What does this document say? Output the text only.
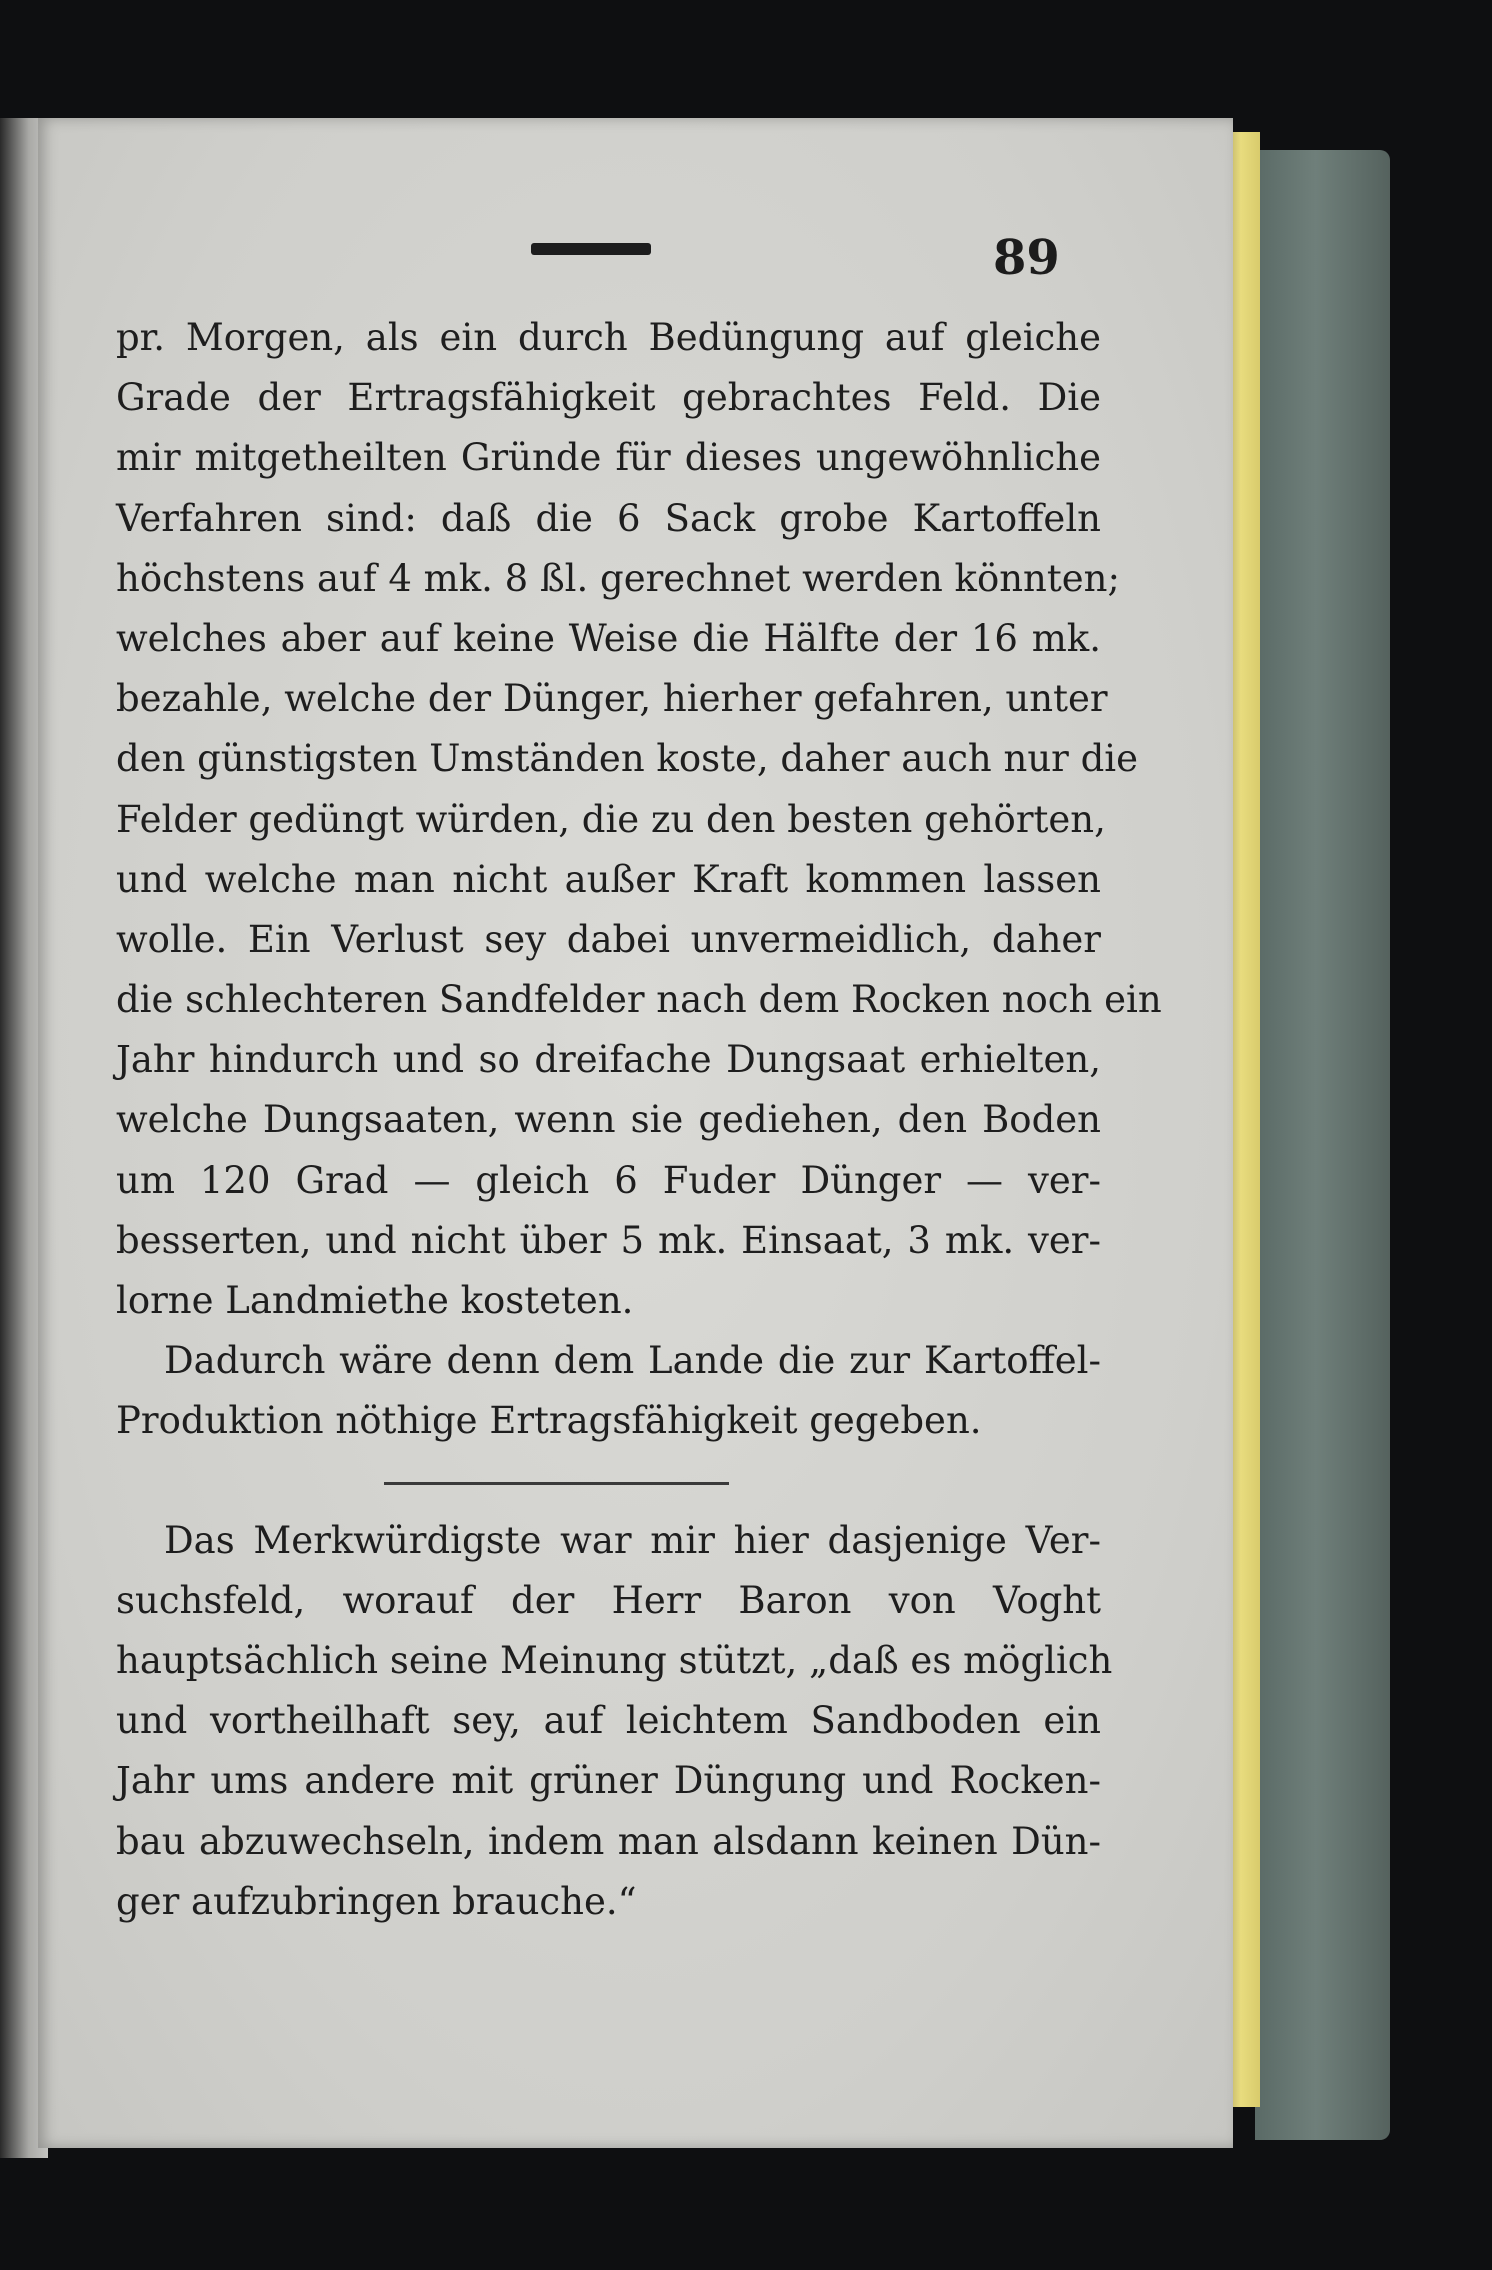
89
pr. Morgen, als ein durch Bedüngung auf gleiche
Grade der Ertragsfähigkeit gebrachtes Feld. Die
mir mitgetheilten Gründe für dieses ungewöhnliche
Verfahren sind: daß die 6 Sack grobe Kartoffeln
höchstens auf 4 mk. 8 ßl. gerechnet werden könnten;
welches aber auf keine Weise die Hälfte der 16 mk.
bezahle, welche der Dünger, hierher gefahren, unter
den günstigsten Umständen koste, daher auch nur die
Felder gedüngt würden, die zu den besten gehörten,
und welche man nicht außer Kraft kommen lassen
wolle. Ein Verlust sey dabei unvermeidlich, daher
die schlechteren Sandfelder nach dem Rocken noch ein
Jahr hindurch und so dreifache Dungsaat erhielten,
welche Dungsaaten, wenn sie gediehen, den Boden
um 120 Grad — gleich 6 Fuder Dünger — ver-
besserten, und nicht über 5 mk. Einsaat, 3 mk. ver-
lorne Landmiethe kosteten.
Dadurch wäre denn dem Lande die zur Kartoffel-
Produktion nöthige Ertragsfähigkeit gegeben.
Das Merkwürdigste war mir hier dasjenige Ver-
suchsfeld, worauf der Herr Baron von Voght
hauptsächlich seine Meinung stützt, „daß es möglich
und vortheilhaft sey, auf leichtem Sandboden ein
Jahr ums andere mit grüner Düngung und Rocken-
bau abzuwechseln, indem man alsdann keinen Dün-
ger aufzubringen brauche.“
